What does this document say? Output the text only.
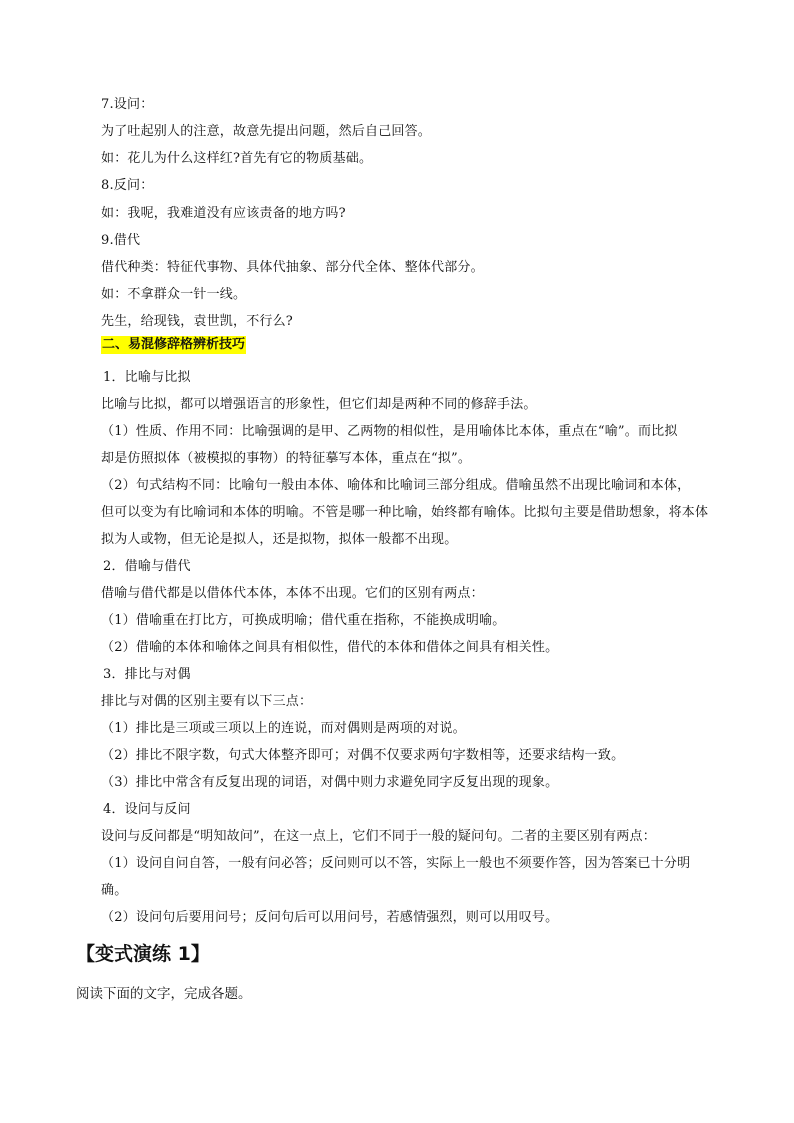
7.设问：
为了吐起别人的注意，故意先提出问题，然后自己回答。
如：花儿为什么这样红?首先有它的物质基础。
8.反问：
如：我呢，我难道没有应该责备的地方吗?
9.借代
借代种类：特征代事物、具体代抽象、部分代全体、整体代部分。
如：不拿群众一针一线。
先生，给现钱，袁世凯，不行么?
二、易混修辞格辨析技巧
1．比喻与比拟
比喻与比拟，都可以增强语言的形象性，但它们却是两种不同的修辞手法。
（1）性质、作用不同：比喻强调的是甲、乙两物的相似性，是用喻体比本体，重点在“喻”。而比拟
却是仿照拟体（被模拟的事物）的特征摹写本体，重点在“拟”。
（2）句式结构不同：比喻句一般由本体、喻体和比喻词三部分组成。借喻虽然不出现比喻词和本体，
但可以变为有比喻词和本体的明喻。不管是哪一种比喻，始终都有喻体。比拟句主要是借助想象，将本体
拟为人或物，但无论是拟人，还是拟物，拟体一般都不出现。
2．借喻与借代
借喻与借代都是以借体代本体，本体不出现。它们的区别有两点：
（1）借喻重在打比方，可换成明喻；借代重在指称，不能换成明喻。
（2）借喻的本体和喻体之间具有相似性，借代的本体和借体之间具有相关性。
3．排比与对偶
排比与对偶的区别主要有以下三点：
（1）排比是三项或三项以上的连说，而对偶则是两项的对说。
（2）排比不限字数，句式大体整齐即可；对偶不仅要求两句字数相等，还要求结构一致。
（3）排比中常含有反复出现的词语，对偶中则力求避免同字反复出现的现象。
4．设问与反问
设问与反问都是“明知故问”，在这一点上，它们不同于一般的疑问句。二者的主要区别有两点：
（1）设问自问自答，一般有问必答；反问则可以不答，实际上一般也不须要作答，因为答案已十分明
确。
（2）设问句后要用问号；反问句后可以用问号，若感情强烈，则可以用叹号。
【变式演练 1】
阅读下面的文字，完成各题。
